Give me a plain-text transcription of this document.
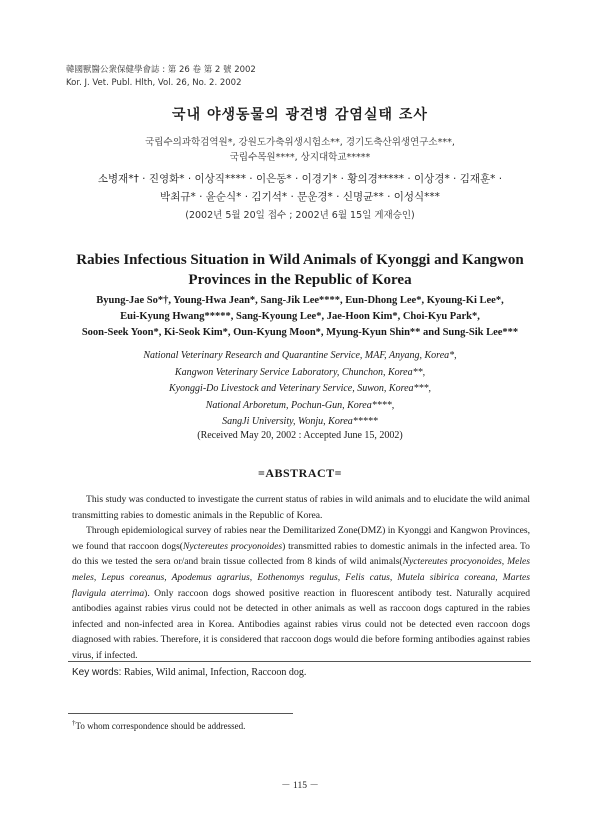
韓國獸醫公衆保健學會誌 : 第 26 卷 第 2 號 2002
Kor. J. Vet. Publ. Hlth, Vol. 26, No. 2. 2002
국내 야생동물의 광견병 감염실태 조사
국립수의과학검역원*, 강원도가축위생시험소**, 경기도축산위생연구소***,
국립수목원****, 상지대학교*****
소병재*† · 진영화* · 이상직**** · 이은동* · 이경기* · 황의경***** · 이상경* · 김재훈* ·
박최규* · 윤순식* · 김기석* · 문운경* · 신명균** · 이성식***
(2002년 5월 20일 접수 ; 2002년 6월 15일 게재승인)
Rabies Infectious Situation in Wild Animals of Kyonggi and Kangwon
Provinces in the Republic of Korea
Byung-Jae So*†, Young-Hwa Jean*, Sang-Jik Lee****, Eun-Dhong Lee*, Kyoung-Ki Lee*,
Eui-Kyung Hwang*****, Sang-Kyoung Lee*, Jae-Hoon Kim*, Choi-Kyu Park*,
Soon-Seek Yoon*, Ki-Seok Kim*, Oun-Kyung Moon*, Myung-Kyun Shin** and Sung-Sik Lee***
National Veterinary Research and Quarantine Service, MAF, Anyang, Korea*,
Kangwon Veterinary Service Laboratory, Chunchon, Korea**,
Kyonggi-Do Livestock and Veterinary Service, Suwon, Korea***,
National Arboretum, Pochun-Gun, Korea****,
SangJi University, Wonju, Korea*****
(Received May 20, 2002 : Accepted June 15, 2002)
=ABSTRACT=

This study was conducted to investigate the current status of rabies in wild animals and to elucidate the wild animal transmitting rabies to domestic animals in the Republic of Korea.

Through epidemiological survey of rabies near the Demilitarized Zone(DMZ) in Kyonggi and Kangwon Provinces, we found that raccoon dogs(Nyctereutes procyonoides) transmitted rabies to domestic animals in the infected area. To do this we tested the sera or/and brain tissue collected from 8 kinds of wild animals(Nyctereutes procyonoides, Meles meles, Lepus coreanus, Apodemus agrarius, Eothenomys regulus, Felis catus, Mutela sibirica coreana, Martes flavigula aterrima). Only raccoon dogs showed positive reaction in fluorescent antibody test. Naturally acquired antibodies against rabies virus could not be detected in other animals as well as raccoon dogs captured in the rabies infected and non-infected area in Korea. Antibodies against rabies virus could not be detected even raccoon dogs diagnosed with rabies. Therefore, it is considered that raccoon dogs would die before forming antibodies against rabies virus, if infected.

Key words: Rabies, Wild animal, Infection, Raccoon dog.
†To whom correspondence should be addressed.
－ 115 －
